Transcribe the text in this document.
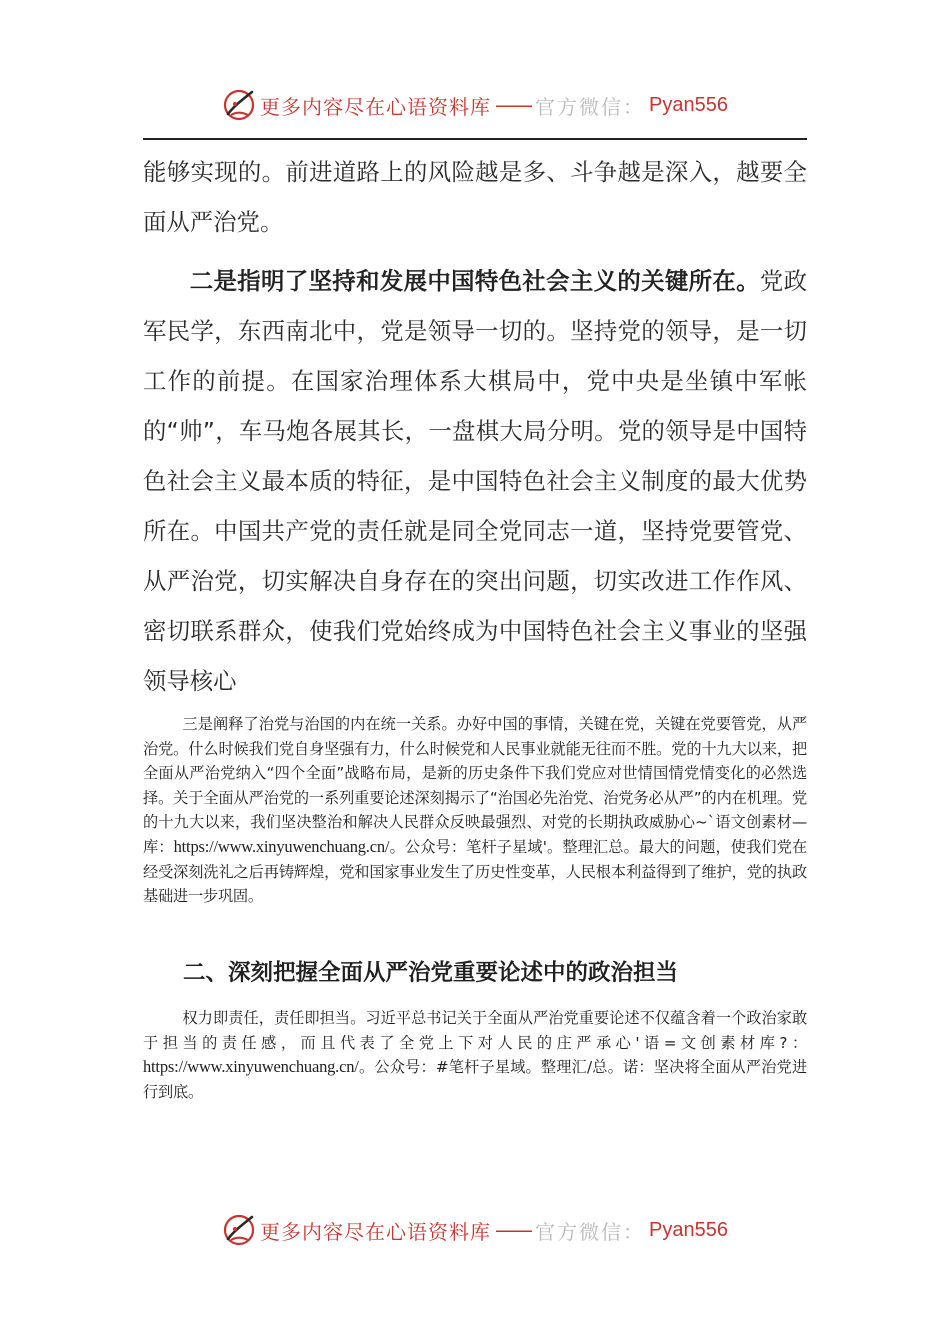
更多内容尽在心语资料库 —— 官方微信： Pyan556

能够实现的。前进道路上的风险越是多、斗争越是深入，越要全面从严治党。

二是指明了坚持和发展中国特色社会主义的关键所在。党政军民学，东西南北中，党是领导一切的。坚持党的领导，是一切工作的前提。在国家治理体系大棋局中，党中央是坐镇中军帐的“帅”，车马炮各展其长，一盘棋大局分明。党的领导是中国特色社会主义最本质的特征，是中国特色社会主义制度的最大优势所在。中国共产党的责任就是同全党同志一道，坚持党要管党、从严治党，切实解决自身存在的突出问题，切实改进工作作风、密切联系群众，使我们党始终成为中国特色社会主义事业的坚强领导核心

三是阐释了治党与治国的内在统一关系。办好中国的事情，关键在党，关键在党要管党，从严治党。什么时候我们党自身坚强有力，什么时候党和人民事业就能无往而不胜。党的十九大以来，把全面从严治党纳入“四个全面”战略布局，是新的历史条件下我们党应对世情国情党情变化的必然选择。关于全面从严治党的一系列重要论述深刻揭示了“治国必先治党、治党务必从严”的内在机理。党的十九大以来，我们坚决整治和解决人民群众反映最强烈、对党的长期执政威胁心~`语文创素材—库：https://www.xinyuwenchuang.cn/。公众号：笔杆子星域'。整理汇总。最大的问题，使我们党在经受深刻洗礼之后再铸辉煌，党和国家事业发生了历史性变革，人民根本利益得到了维护，党的执政基础进一步巩固。

二、深刻把握全面从严治党重要论述中的政治担当

权力即责任，责任即担当。习近平总书记关于全面从严治党重要论述不仅蕴含着一个政治家敢于担当的责任感，而且代表了全党上下对人民的庄严承心'语=文创素材库?：https://www.xinyuwenchuang.cn/。公众号：#笔杆子星域。整理汇/总。诺：坚决将全面从严治党进行到底。

更多内容尽在心语资料库 —— 官方微信： Pyan556
